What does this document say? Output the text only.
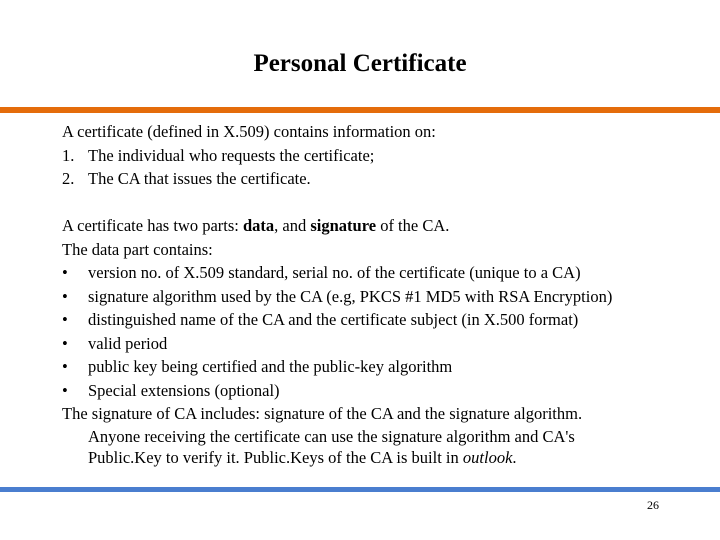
Personal Certificate
A certificate (defined in X.509) contains information on:
1. The individual who requests the certificate;
2. The CA that issues the certificate.
A certificate has two parts: data, and signature of the CA.
The data part contains:
• version no. of X.509 standard, serial no. of the certificate (unique to a CA)
• signature algorithm used by the CA (e.g, PKCS #1 MD5 with RSA Encryption)
• distinguished name of the CA and the certificate subject (in X.500 format)
• valid period
• public key being certified and the public-key algorithm
• Special extensions (optional)
The signature of CA includes: signature of the CA and the signature algorithm.
Anyone receiving the certificate can use the signature algorithm and CA's
Public.Key to verify it. Public.Keys of the CA is built in outlook.
26
